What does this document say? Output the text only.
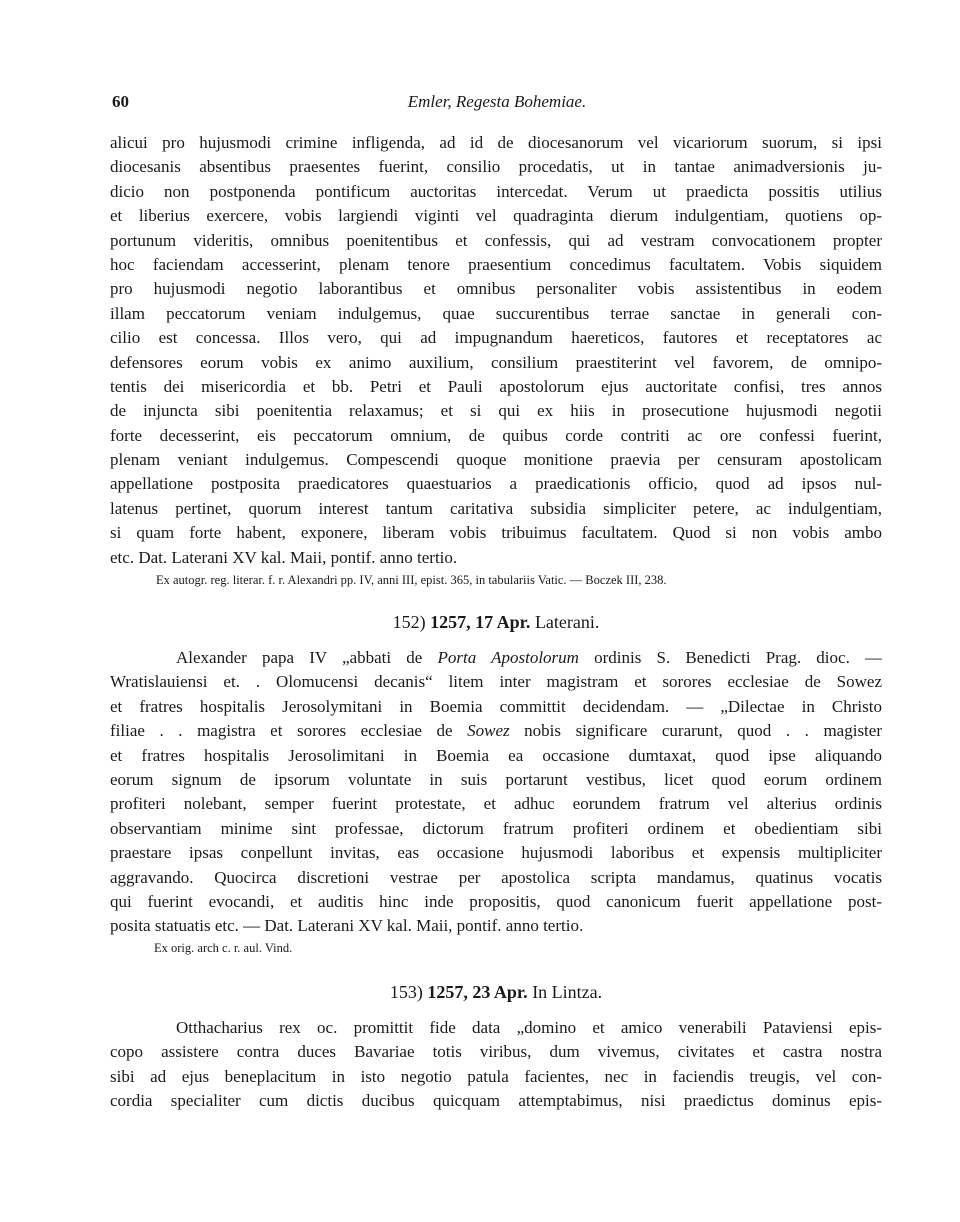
60	Emler, Regesta Bohemiae.
alicui pro hujusmodi crimine infligenda, ad id de diocesanorum vel vicariorum suorum, si ipsi
diocesanis absentibus praesentes fuerint, consilio procedatis, ut in tantae animadversionis ju-
dicio non postponenda pontificum auctoritas intercedat. Verum ut praedicta possitis utilius
et liberius exercere, vobis largiendi viginti vel quadraginta dierum indulgentiam, quotiens op-
portunum videritis, omnibus poenitentibus et confessis, qui ad vestram convocationem propter
hoc faciendam accesserint, plenam tenore praesentium concedimus facultatem. Vobis siquidem
pro hujusmodi negotio laborantibus et omnibus personaliter vobis assistentibus in eodem
illam peccatorum veniam indulgemus, quae succurentibus terrae sanctae in generali con-
cilio est concessa. Illos vero, qui ad impugnandum haereticos, fautores et receptatores ac
defensores eorum vobis ex animo auxilium, consilium praestiterint vel favorem, de omnipo-
tentis dei misericordia et bb. Petri et Pauli apostolorum ejus auctoritate confisi, tres annos
de injuncta sibi poenitentia relaxamus; et si qui ex hiis in prosecutione hujusmodi negotii
forte decesserint, eis peccatorum omnium, de quibus corde contriti ac ore confessi fuerint,
plenam veniant indulgemus. Compescendi quoque monitione praevia per censuram apostolicam
appellatione postposita praedicatores quaestuarios a praedicationis officio, quod ad ipsos nul-
latenus pertinet, quorum interest tantum caritativa subsidia simpliciter petere, ac indulgentiam,
si quam forte habent, exponere, liberam vobis tribuimus facultatem. Quod si non vobis ambo
etc. Dat. Laterani XV kal. Maii, pontif. anno tertio.
Ex autogr. reg. literar. f. r. Alexandri pp. IV, anni III, epist. 365, in tabulariis Vatic. — Boczek III, 238.
152) 1257, 17 Apr. Laterani.
Alexander papa IV „abbati de Porta Apostolorum ordinis S. Benedicti Prag. dioc. —
Wratislauiensi et. . Olomucensi decanis“ litem inter magistram et sorores ecclesiae de Sowez
et fratres hospitalis Jerosolymitani in Boemia committit decidendam. — „Dilectae in Christo
filiae . . magistra et sorores ecclesiae de Sowez nobis significare curarunt, quod . . magister
et fratres hospitalis Jerosolimitani in Boemia ea occasione dumtaxat, quod ipse aliquando
eorum signum de ipsorum voluntate in suis portarunt vestibus, licet quod eorum ordinem
profiteri nolebant, semper fuerint protestate, et adhuc eorundem fratrum vel alterius ordinis
observantiam minime sint professae, dictorum fratrum profiteri ordinem et obedientiam sibi
praestare ipsas conpellunt invitas, eas occasione hujusmodi laboribus et expensis multipliciter
aggravando. Quocirca discretioni vestrae per apostolica scripta mandamus, quatinus vocatis
qui fuerint evocandi, et auditis hinc inde propositis, quod canonicum fuerit appellatione post-
posita statuatis etc. — Dat. Laterani XV kal. Maii, pontif. anno tertio.
Ex orig. arch c. r. aul. Vind.
153) 1257, 23 Apr. In Lintza.
Otthacharius rex oc. promittit fide data „domino et amico venerabili Pataviensi epis-
copo assistere contra duces Bavariae totis viribus, dum vivemus, civitates et castra nostra
sibi ad ejus beneplacitum in isto negotio patula facientes, nec in faciendis treugis, vel con-
cordia specialiter cum dictis ducibus quicquam attemptabimus, nisi praedictus dominus epis-
